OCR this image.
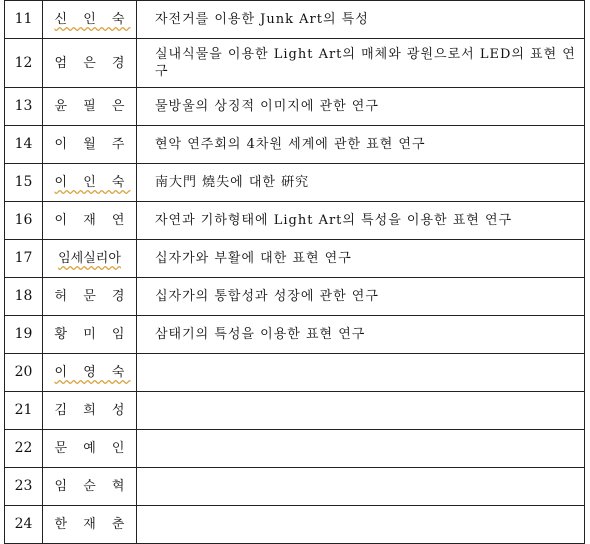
11	신 인 숙	자전거를 이용한 Junk Art의 특성
12	엄 은 경	실내식물을 이용한 Light Art의 매체와 광원으로서 LED의 표현 연구
13	윤 필 은	물방울의 상징적 이미지에 관한 연구
14	이 월 주	현악 연주회의 4차원 세계에 관한 표현 연구
15	이 인 숙	南大門 燒失에 대한 硏究
16	이 재 연	자연과 기하형태에 Light Art의 특성을 이용한 표현 연구
17	임세실리아	십자가와 부활에 대한 표현 연구
18	허 문 경	십자가의 통합성과 성장에 관한 연구
19	황 미 임	삼태기의 특성을 이용한 표현 연구
20	이 영 숙	
21	김 희 성	
22	문 예 인	
23	임 순 혁	
24	한 재 춘	
